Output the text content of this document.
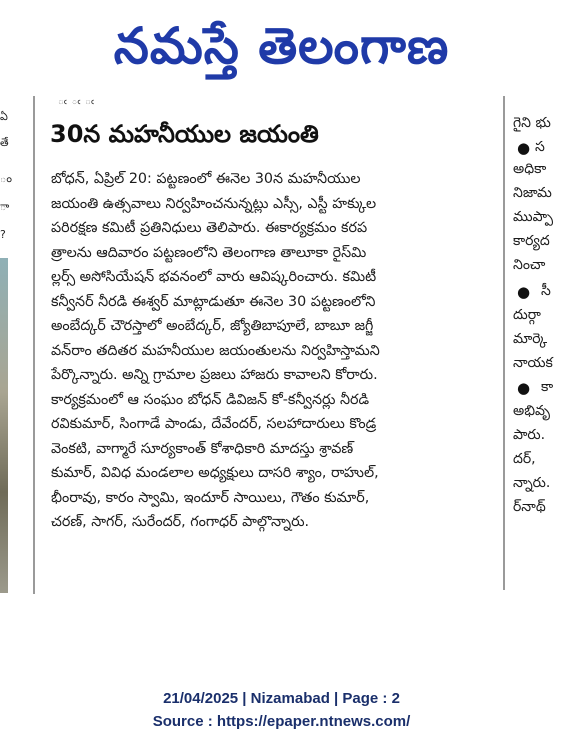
నమస్తే తెలంగాణ
ఏ
తే
ం
ా
?
ఁ ఁ ఁ
30న మహనీయుల జయంతి
బోధన్, ఏప్రిల్ 20: పట్టణంలో ఈనెల 30న మహనీయుల
జయంతి ఉత్సవాలు నిర్వహించనున్నట్లు ఎస్సీ, ఎస్టీ హక్కుల
పరిరక్షణ కమిటీ ప్రతినిధులు తెలిపారు. ఈకార్యక్రమం కరప
త్రాలను ఆదివారం పట్టణంలోని తెలంగాణ తాలూకా రైస్‌మి
ల్లర్స్ అసోసియేషన్ భవనంలో వారు ఆవిష్కరించారు. కమిటీ
కన్వీనర్ నీరడి ఈశ్వర్ మాట్లాడుతూ ఈనెల 30 పట్టణంలోని
అంబేద్కర్ చౌరస్తాలో అంబేద్కర్, జ్యోతిబాపూలే, బాబూ జగ్జీ
వన్‌రాం తదితర మహనీయుల జయంతులను నిర్వహిస్తామని
పేర్కొన్నారు. అన్ని గ్రామాల ప్రజలు హాజరు కావాలని కోరారు.
కార్యక్రమంలో ఆ సంఘం బోధన్ డివిజన్ కో-కన్వీనర్లు నీరడి
రవికుమార్, సింగాడే పాండు, దేవేందర్, సలహాదారులు కొండ్ర
వెంకటి, వాగ్మారే సూర్యకాంత్ కోశాధికారి మాదస్తు శ్రావణ్
కుమార్, వివిధ మండలాల అధ్యక్షులు దాసరి శ్యాం, రాహుల్,
భీంరావు, కారం స్వామి, ఇందూర్ సాయిలు, గౌతం కుమార్,
చరణ్, సాగర్, సురేందర్, గంగాధర్ పాల్గొన్నారు.
గైని భు
● స
అధికా
నిజామ
ముప్పా
కార్యద
నించా
● సీ
దుర్గా
మార్కె
నాయక
● కా
అభివృ
పారు.
దర్,
న్నారు.
ర్‌నాథ్
21/04/2025 | Nizamabad | Page : 2
Source : https://epaper.ntnews.com/
